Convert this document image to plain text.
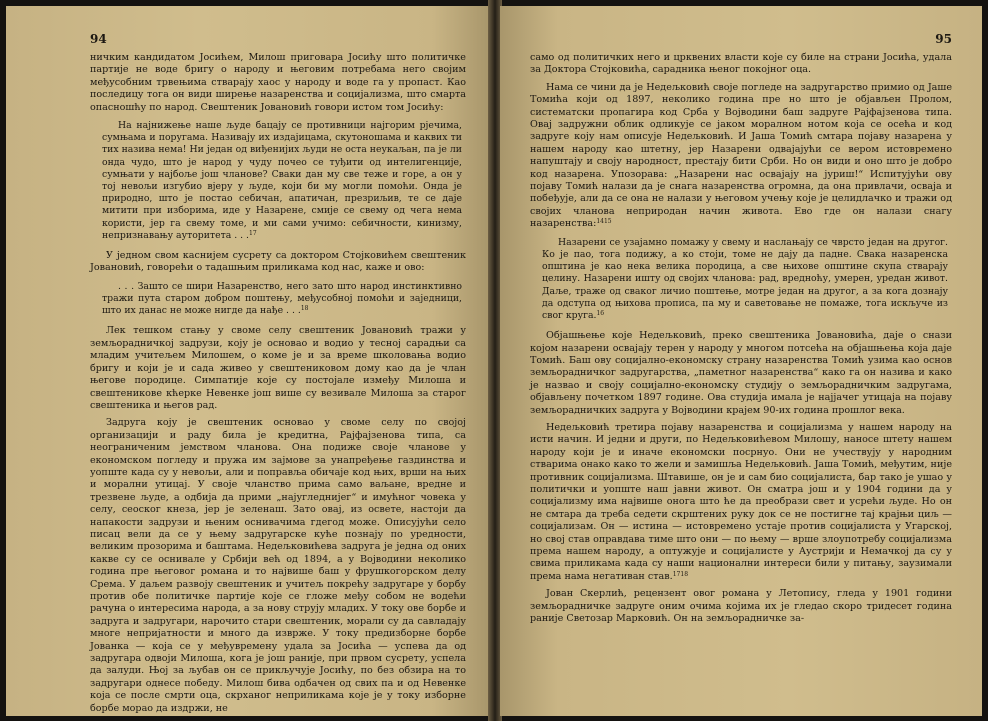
94

ничким кандидатом Јосићем, Милош приговара Јосићу што политичке партије не воде бригу о народу и његовим потребама него својим међусобним трвењима стварају хаос у народу и воде га у пропаст. Као последицу тога он види ширење назаренства и социјализма, што смарта опасношћу по народ. Свештеник Јовановић говори истом том Јосићу:

На најнижење наше људе бацају се противници најгорим рјечима, сумњама и поругама. Називају их издајицама, скутоношама и каквих ти тих назива нема! Ни један од виђенијих људи не оста неукаљан, па је ли онда чудо, што је народ у чуду почео се туђити од интелигенције, сумњати у најбоље још чланове? Сваки дан му све теже и горе, а он у тој невољи изгубио вјеру у људе, који би му могли помоћи. Онда је природно, што је постао себичан, апатичан, презриљив, те се даје митити при изборима, иде у Назарене, смије се свему од чега нема користи, јер га свему томе, и ми сами учимо: себичности, кинизму, непризнавању ауторитета . . .$^{17}$

У једном свом каснијем сусрету са доктором Стојковићем свештеник Јовановић, говорећи о тадашњим приликама код нас, каже и ово:

. . . Зашто се шири Назаренство, него зато што народ инстинктивно тражи пута старом добром поштењу, међусобној помоћи и заједници, што их данас не може нигде да нађе . . .$^{18}$

Лек тешком стању у своме селу свештеник Јовановић тражи у земљорадничкој задрузи, коју је основао и водио у тесној сарадњи са младим учитељем Милошем, о коме је и за време школовања водио бригу и који је и сада живео у свештениковом дому као да је члан његове породице. Симпатије које су постојале између Милоша и свештеникове кћерке Невенке још више су везивале Милоша за старог свештеника и његов рад.

Задруга коју је свештеник основао у своме селу по својој организацији и раду била је кредитна, Рајфајзенова типа, са неограниченим јемством чланова. Она подиже своје чланове у економском погледу и пружа им зајмове за унапређење газдинства и уопште када су у невољи, али и поправља обичаје код њих, врши на њих и морални утицај. У своје чланство прима само ваљане, вредне и трезвене људе, а одбија да прими „најугледнијег“ и имућног човека у селу, сеоског кнеза, јер је зеленаш. Зато овај, из освете, настоји да напакости задрузи и њеним оснивачима гдегод може. Описујући село писац вели да се у њему задругарске куће познају по уредности, великим прозорима и баштама. Недељковићева задруга је једна од оних какве су се оснивале у Србији већ од 1894, а у Војводини неколико година пре његовог романа и то највише баш у фрушкогорском делу Срема. У даљем развоју свештеник и учитељ покрећу задругаре у борбу против обе политичке партије које се гложе међу собом не водећи рачуна о интересима народа, а за нову струју младих. У току ове борбе и задруга и задругари, нарочито стари свештеник, морали су да савладају многе непријатности и много да изврже. У току предизборне борбе Јованка — која се у међувремену удала за Јосића — успева да од задругара одвоји Милоша, кога је још раније, при првом сусрету, успела да залуди. Њој за љубав он се прикључује Јосићу, по без обзира на то задругари однесе победу. Милош бива одбачен од свих па и од Невенке која се после смрти оца, скрханог неприликама које је у току изборне борбе морао да издржи, не

95

само од политичких него и црквених власти које су биле на страни Јосића, удала за Доктора Стојковића, сарадника њеног покојног оца.

Нама се чини да је Недељковић своје погледе на задругарство примио од Јаше Томића који од 1897, неколико година пре но што је објављен Пролом, систематски пропагира код Срба у Војводини баш задруге Рајфајзенова типа. Овај задружни облик одликује се јаком моралном нотом која се осећа и код задруге коју нам описује Недељковић. И Јаша Томић смтара појаву назарена у нашем народу као штетну, јер Назарени одвајајући се вером истовремено напуштају и своју народност, престају бити Срби. Но он види и оно што је добро код назарена. Упозорава: „Назарени нас освајају на јуриш!“ Испитујући ову појаву Томић налази да је снага назаренства огромна, да она привлачи, осваја и побеђује, али да се она не налази у његовом учењу које је целидлачко и тражи од својих чланова неприродан начин живота. Ево где он налази снагу назаренства:$^{1415}$

Назарени се узајамно помажу у свему и наслањају се чврсто један на другог. Ко је пао, тога подижу, а ко стоји, томе не дају да падне. Свака назаренска општина је као нека велика породица, а све њихове општине скупа стварају целину. Назарени ишту од својих чланова: рад, вредноћу, умерен, уредан живот. Даље, траже од сваког личио поштење, мотре један на другог, а за кога дознају да одступа од њихова прописа, па му и саветовање не помаже, тога искључе из свог круга.$^{16}$

Објашњење које Недељковић, преко свештеника Јовановића, даје о снази којом назарени освајају терен у народу у многом потсећа на објашњења која даје Томић. Баш ову социјално-економску страну назаренства Томић узима као основ земљорадничког задругарства, „паметног назаренства“ како га он назива и како је назвао и своју социјално-економску студију о земљорадничким задругама, објављену почетком 1897 године. Ова студија имала је најјачег утицаја на појаву земљорадничких задруга у Војводини крајем 90-их година прошлог века.

Недељковић третира појаву назаренства и социјализма у нашем народу на исти начин. И једни и други, по Недељковићевом Милошу, наносе штету нашем народу који је и иначе економски посрнуо. Они не учествују у народним стварима онако како то жели и замишља Недељковић. Јаша Томић, међутим, није противник социјализма. Штавише, он је и сам био социјалиста, бар тако је ушао у политички и уопште наш јавни живот. Он сматра још и у 1904 години да у социјализму има највише онога што ће да преобрази свет и усрећи људе. Но он не смтара да треба седети скрштених руку док се не постигне тај крајњи циљ — социјализам. Он — истина — истовремено устаје против социјалиста у Угарској, но свој став оправдава тиме што они — по њему — врше злоупотребу социјализма према нашем народу, а оптужује и социјалисте у Аустрији и Немачкој да су у свима приликама када су наши национални интереси били у питању, заузимали према нама негативан став.$^{1718}$

Јован Скерлић, рецензент овог романа у Летопису, гледа у 1901 години земљорадничке задруге оним очима којима их је гледао скоро тридесет година раније Светозар Марковић. Он на земљорадничке за-
